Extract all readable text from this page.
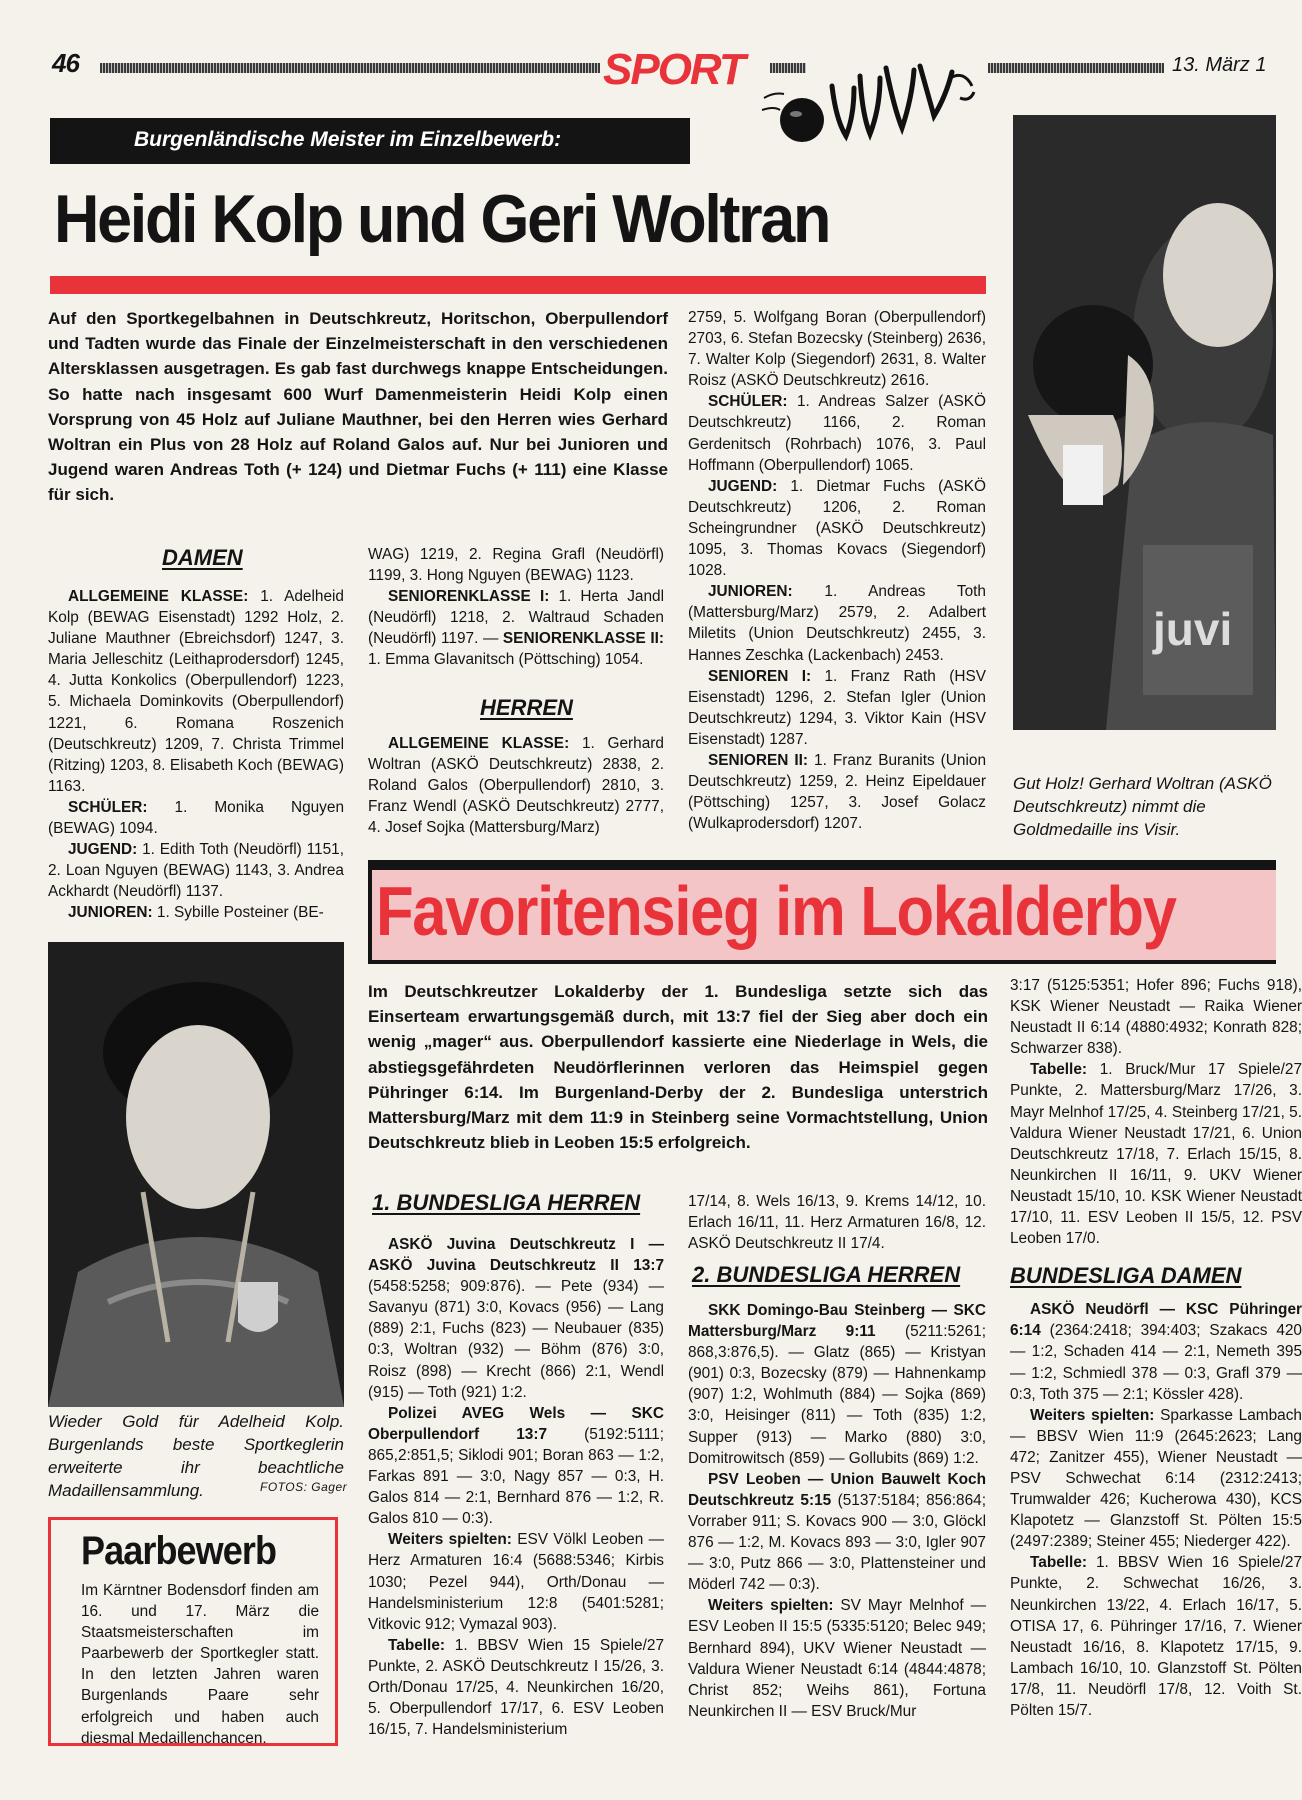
46	SPORT	13. März 1
Burgenländische Meister im Einzelbewerb:
Heidi Kolp und Geri Woltran

Auf den Sportkegelbahnen in Deutschkreutz, Horitschon, Oberpullendorf und Tadten wurde das Finale der Einzelmeisterschaft in den verschiedenen Altersklassen ausgetragen. Es gab fast durchwegs knappe Entscheidungen. So hatte nach insgesamt 600 Wurf Damenmeisterin Heidi Kolp einen Vorsprung von 45 Holz auf Juliane Mauthner, bei den Herren wies Gerhard Woltran ein Plus von 28 Holz auf Roland Galos auf. Nur bei Junioren und Jugend waren Andreas Toth (+ 124) und Dietmar Fuchs (+ 111) eine Klasse für sich.

juvi

Gut Holz! Gerhard Woltran (ASKÖ Deutschkreutz) nimmt die Goldmedaille ins Visir.

DAMEN

ALLGEMEINE KLASSE: 1. Adelheid Kolp (BEWAG Eisenstadt) 1292 Holz, 2. Juliane Mauthner (Ebreichsdorf) 1247, 3. Maria Jelleschitz (Leithaprodersdorf) 1245, 4. Jutta Konkolics (Oberpullendorf) 1223, 5. Michaela Dominkovits (Oberpullendorf) 1221, 6. Romana Roszenich (Deutschkreutz) 1209, 7. Christa Trimmel (Ritzing) 1203, 8. Elisabeth Koch (BEWAG) 1163.

SCHÜLER: 1. Monika Nguyen (BEWAG) 1094.

JUGEND: 1. Edith Toth (Neudörfl) 1151, 2. Loan Nguyen (BEWAG) 1143, 3. Andrea Ackhardt (Neudörfl) 1137.

JUNIOREN: 1. Sybille Posteiner (BE-

WAG) 1219, 2. Regina Grafl (Neudörfl) 1199, 3. Hong Nguyen (BEWAG) 1123.

SENIORENKLASSE I: 1. Herta Jandl (Neudörfl) 1218, 2. Waltraud Schaden (Neudörfl) 1197. — SENIORENKLASSE II: 1. Emma Glavanitsch (Pöttsching) 1054.

HERREN

ALLGEMEINE KLASSE: 1. Gerhard Woltran (ASKÖ Deutschkreutz) 2838, 2. Roland Galos (Oberpullendorf) 2810, 3. Franz Wendl (ASKÖ Deutschkreutz) 2777, 4. Josef Sojka (Mattersburg/Marz)

2759, 5. Wolfgang Boran (Oberpullendorf) 2703, 6. Stefan Bozecsky (Steinberg) 2636, 7. Walter Kolp (Siegendorf) 2631, 8. Walter Roisz (ASKÖ Deutschkreutz) 2616.

SCHÜLER: 1. Andreas Salzer (ASKÖ Deutschkreutz) 1166, 2. Roman Gerdenitsch (Rohrbach) 1076, 3. Paul Hoffmann (Oberpullendorf) 1065.

JUGEND: 1. Dietmar Fuchs (ASKÖ Deutschkreutz) 1206, 2. Roman Scheingrundner (ASKÖ Deutschkreutz) 1095, 3. Thomas Kovacs (Siegendorf) 1028.

JUNIOREN: 1. Andreas Toth (Mattersburg/Marz) 2579, 2. Adalbert Miletits (Union Deutschkreutz) 2455, 3. Hannes Zeschka (Lackenbach) 2453.

SENIOREN I: 1. Franz Rath (HSV Eisenstadt) 1296, 2. Stefan Igler (Union Deutschkreutz) 1294, 3. Viktor Kain (HSV Eisenstadt) 1287.

SENIOREN II: 1. Franz Buranits (Union Deutschkreutz) 1259, 2. Heinz Eipeldauer (Pöttsching) 1257, 3. Josef Golacz (Wulkaprodersdorf) 1207.

Wieder Gold für Adelheid Kolp. Burgenlands beste Sportkeglerin erweiterte ihr beachtliche Madaillensammlung.	FOTOS: Gager
Paarbewerb

Im Kärntner Bodensdorf finden am 16. und 17. März die Staatsmeisterschaften im Paarbewerb der Sportkegler statt. In den letzten Jahren waren Burgenlands Paare sehr erfolgreich und haben auch diesmal Medaillenchancen.

Favoritensieg im Lokalderby

Im Deutschkreutzer Lokalderby der 1. Bundesliga setzte sich das Einserteam erwartungsgemäß durch, mit 13:7 fiel der Sieg aber doch ein wenig „mager“ aus. Oberpullendorf kassierte eine Niederlage in Wels, die abstiegsgefährdeten Neudörflerinnen verloren das Heimspiel gegen Pühringer 6:14. Im Burgenland-Derby der 2. Bundesliga unterstrich Mattersburg/Marz mit dem 11:9 in Steinberg seine Vormachtstellung, Union Deutschkreutz blieb in Leoben 15:5 erfolgreich.

1. BUNDESLIGA HERREN

ASKÖ Juvina Deutschkreutz I — ASKÖ Juvina Deutschkreutz II 13:7 (5458:5258; 909:876). — Pete (934) — Savanyu (871) 3:0, Kovacs (956) — Lang (889) 2:1, Fuchs (823) — Neubauer (835) 0:3, Woltran (932) — Böhm (876) 3:0, Roisz (898) — Krecht (866) 2:1, Wendl (915) — Toth (921) 1:2.

Polizei AVEG Wels — SKC Oberpullendorf 13:7 (5192:5111; 865,2:851,5; Siklodi 901; Boran 863 — 1:2, Farkas 891 — 3:0, Nagy 857 — 0:3, H. Galos 814 — 2:1, Bernhard 876 — 1:2, R. Galos 810 — 0:3).

Weiters spielten: ESV Völkl Leoben — Herz Armaturen 16:4 (5688:5346; Kirbis 1030; Pezel 944), Orth/Donau — Handelsministerium 12:8 (5401:5281; Vitkovic 912; Vymazal 903).

Tabelle: 1. BBSV Wien 15 Spiele/27 Punkte, 2. ASKÖ Deutschkreutz I 15/26, 3. Orth/Donau 17/25, 4. Neunkirchen 16/20, 5. Oberpullendorf 17/17, 6. ESV Leoben 16/15, 7. Handelsministerium

17/14, 8. Wels 16/13, 9. Krems 14/12, 10. Erlach 16/11, 11. Herz Armaturen 16/8, 12. ASKÖ Deutschkreutz II 17/4.

2. BUNDESLIGA HERREN

SKK Domingo-Bau Steinberg — SKC Mattersburg/Marz 9:11 (5211:5261; 868,3:876,5). — Glatz (865) — Kristyan (901) 0:3, Bozecsky (879) — Hahnenkamp (907) 1:2, Wohlmuth (884) — Sojka (869) 3:0, Heisinger (811) — Toth (835) 1:2, Supper (913) — Marko (880) 3:0, Domitrowitsch (859) — Gollubits (869) 1:2.

PSV Leoben — Union Bauwelt Koch Deutschkreutz 5:15 (5137:5184; 856:864; Vorraber 911; S. Kovacs 900 — 3:0, Glöckl 876 — 1:2, M. Kovacs 893 — 3:0, Igler 907 — 3:0, Putz 866 — 3:0, Plattensteiner und Möderl 742 — 0:3).

Weiters spielten: SV Mayr Melnhof — ESV Leoben II 15:5 (5335:5120; Belec 949; Bernhard 894), UKV Wiener Neustadt — Valdura Wiener Neustadt 6:14 (4844:4878; Christ 852; Weihs 861), Fortuna Neunkirchen II — ESV Bruck/Mur

3:17 (5125:5351; Hofer 896; Fuchs 918), KSK Wiener Neustadt — Raika Wiener Neustadt II 6:14 (4880:4932; Konrath 828; Schwarzer 838).

Tabelle: 1. Bruck/Mur 17 Spiele/27 Punkte, 2. Mattersburg/Marz 17/26, 3. Mayr Melnhof 17/25, 4. Steinberg 17/21, 5. Valdura Wiener Neustadt 17/21, 6. Union Deutschkreutz 17/18, 7. Erlach 15/15, 8. Neunkirchen II 16/11, 9. UKV Wiener Neustadt 15/10, 10. KSK Wiener Neustadt 17/10, 11. ESV Leoben II 15/5, 12. PSV Leoben 17/0.

BUNDESLIGA DAMEN

ASKÖ Neudörfl — KSC Pühringer 6:14 (2364:2418; 394:403; Szakacs 420 — 1:2, Schaden 414 — 2:1, Nemeth 395 — 1:2, Schmiedl 378 — 0:3, Grafl 379 — 0:3, Toth 375 — 2:1; Kössler 428).

Weiters spielten: Sparkasse Lambach — BBSV Wien 11:9 (2645:2623; Lang 472; Zanitzer 455), Wiener Neustadt — PSV Schwechat 6:14 (2312:2413; Trumwalder 426; Kucherowa 430), KCS Klapotetz — Glanzstoff St. Pölten 15:5 (2497:2389; Steiner 455; Niederger 422).

Tabelle: 1. BBSV Wien 16 Spiele/27 Punkte, 2. Schwechat 16/26, 3. Neunkirchen 13/22, 4. Erlach 16/17, 5. OTISA 17, 6. Pühringer 17/16, 7. Wiener Neustadt 16/16, 8. Klapotetz 17/15, 9. Lambach 16/10, 10. Glanzstoff St. Pölten 17/8, 11. Neudörfl 17/8, 12. Voith St. Pölten 15/7.
